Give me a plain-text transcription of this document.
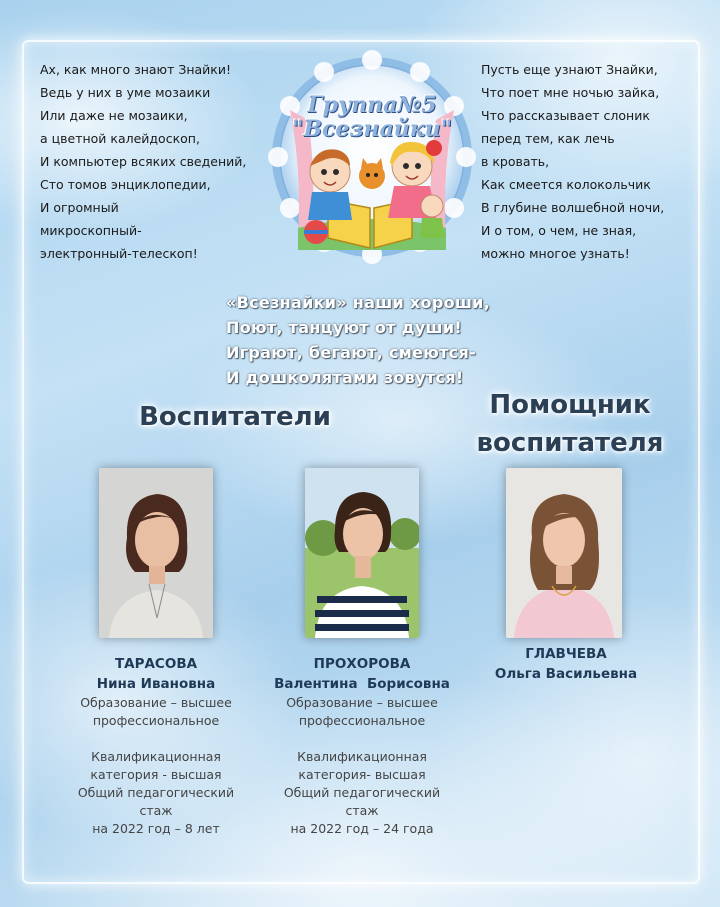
Ах, как много знают Знайки!
Ведь у них в уме мозаики
Или даже не мозаики,
а цветной калейдоскоп,
И компьютер всяких сведений,
Сто томов энциклопедии,
И огромный
микроскопный-
электронный-телескоп!
Пусть еще узнают Знайки,
Что поет мне ночью зайка,
Что рассказывает слоник
перед тем, как лечь
в кровать,
Как смеется колокольчик
В глубине волшебной ночи,
И о том, о чем, не зная,
можно многое узнать!
Группа№5
"Всезнайки"
«Всезнайки» наши хороши,
Поют, танцуют от души!
Играют, бегают, смеются-
И дошколятами зовутся!
Воспитатели	Помощник
воспитателя
ТАРАСОВА
Нина Ивановна
Образование – высшее
профессиональное
Квалификационная
категория - высшая
Общий педагогический
стаж
на 2022 год – 8 лет
ПРОХОРОВА
Валентина  Борисовна
Образование – высшее
профессиональное
Квалификационная
категория- высшая
Общий педагогический
стаж
на 2022 год – 24 года
ГЛАВЧЕВА
Ольга Васильевна
